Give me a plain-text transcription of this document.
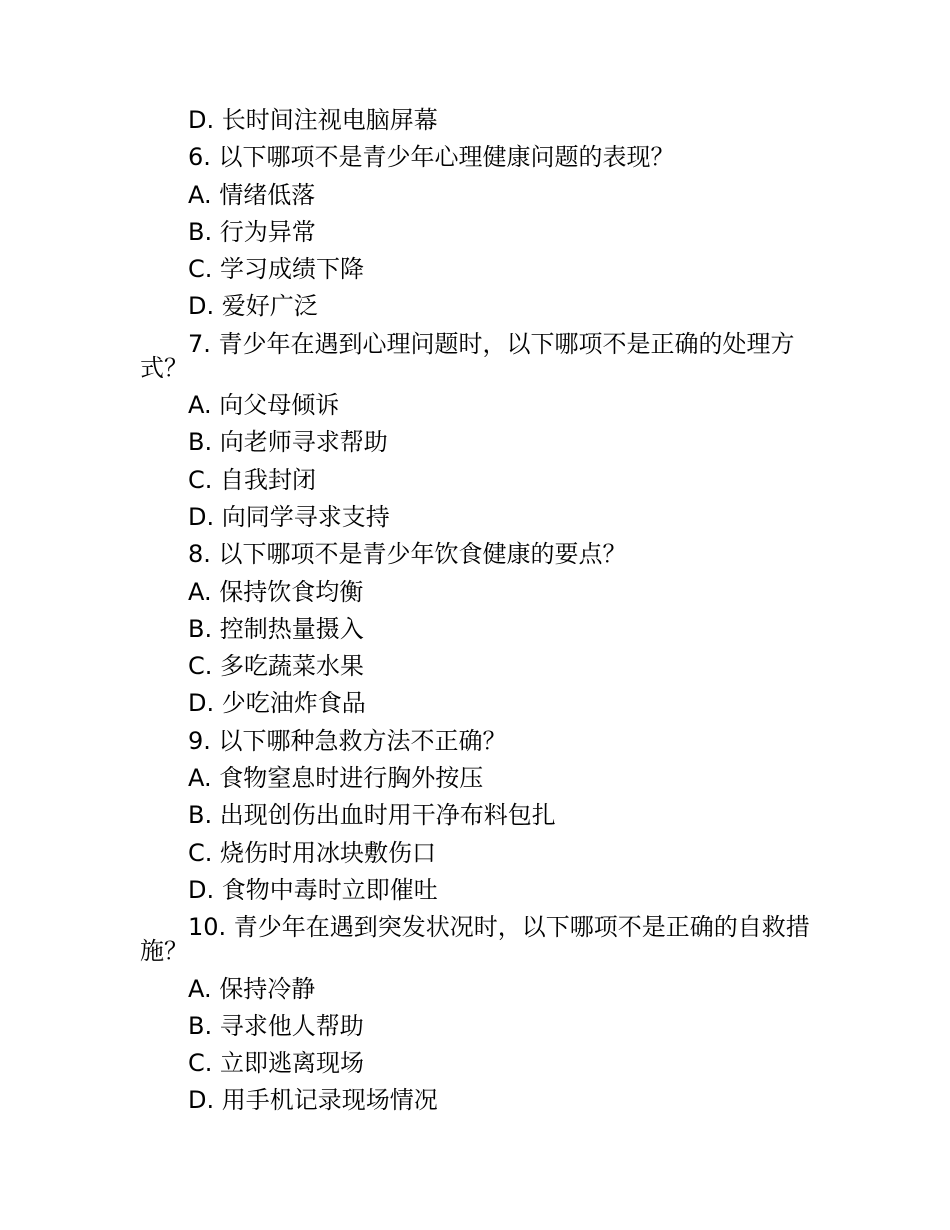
D. 长时间注视电脑屏幕
6. 以下哪项不是青少年心理健康问题的表现？
A. 情绪低落
B. 行为异常
C. 学习成绩下降
D. 爱好广泛
7. 青少年在遇到心理问题时，以下哪项不是正确的处理方式？
A. 向父母倾诉
B. 向老师寻求帮助
C. 自我封闭
D. 向同学寻求支持
8. 以下哪项不是青少年饮食健康的要点？
A. 保持饮食均衡
B. 控制热量摄入
C. 多吃蔬菜水果
D. 少吃油炸食品
9. 以下哪种急救方法不正确？
A. 食物窒息时进行胸外按压
B. 出现创伤出血时用干净布料包扎
C. 烧伤时用冰块敷伤口
D. 食物中毒时立即催吐
10. 青少年在遇到突发状况时，以下哪项不是正确的自救措施？
A. 保持冷静
B. 寻求他人帮助
C. 立即逃离现场
D. 用手机记录现场情况
